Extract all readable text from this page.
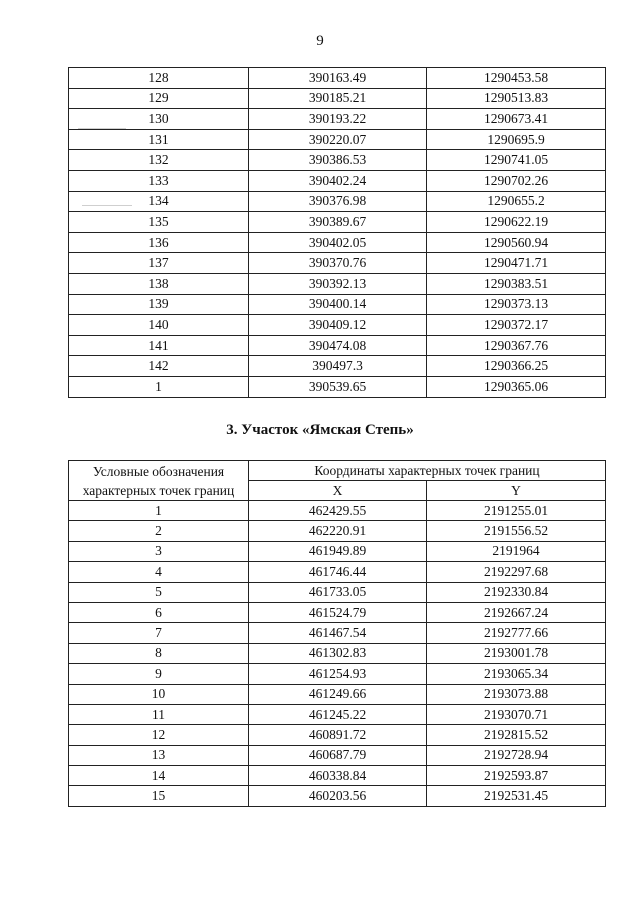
9
128	390163.49	1290453.58
129	390185.21	1290513.83
130	390193.22	1290673.41
131	390220.07	1290695.9
132	390386.53	1290741.05
133	390402.24	1290702.26
134	390376.98	1290655.2
135	390389.67	1290622.19
136	390402.05	1290560.94
137	390370.76	1290471.71
138	390392.13	1290383.51
139	390400.14	1290373.13
140	390409.12	1290372.17
141	390474.08	1290367.76
142	390497.3	1290366.25
1	390539.65	1290365.06
3. Участок «Ямская Степь»
Условные обозначения
характерных точек границ	Координаты характерных точек границ	
	X	Y
1	462429.55	2191255.01
2	462220.91	2191556.52
3	461949.89	2191964
4	461746.44	2192297.68
5	461733.05	2192330.84
6	461524.79	2192667.24
7	461467.54	2192777.66
8	461302.83	2193001.78
9	461254.93	2193065.34
10	461249.66	2193073.88
11	461245.22	2193070.71
12	460891.72	2192815.52
13	460687.79	2192728.94
14	460338.84	2192593.87
15	460203.56	2192531.45
